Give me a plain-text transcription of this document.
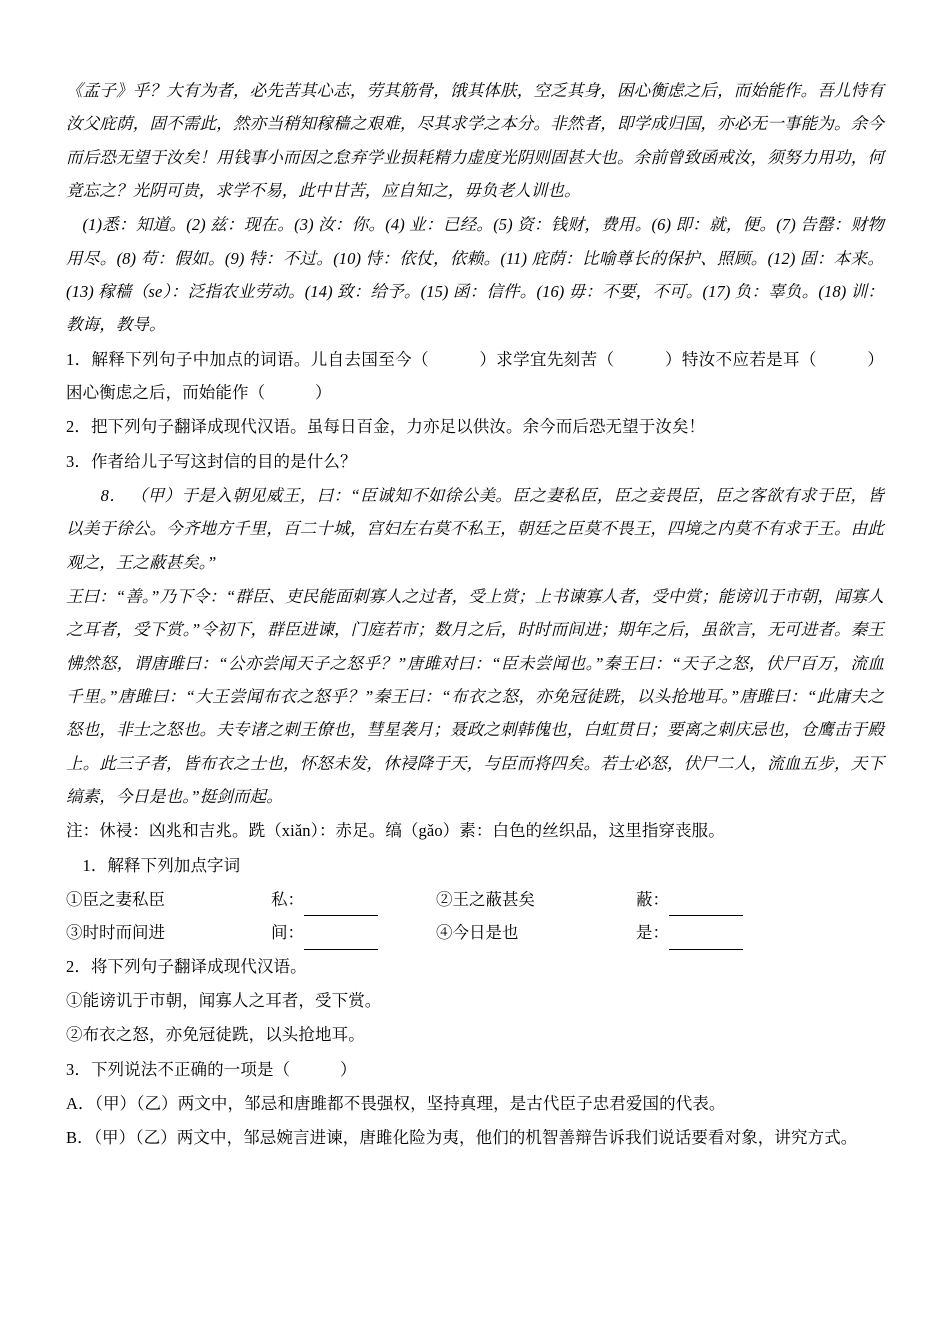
《孟子》乎？大有为者，必先苦其心志，劳其筋骨，饿其体肤，空乏其身，困心衡虑之后，而始能作。吾儿恃有汝父庇荫，固不需此，然亦当稍知稼穑之艰难，尽其求学之本分。非然者，即学成归国，亦必无一事能为。余今而后恐无望于汝矣！用钱事小而因之怠弃学业损耗精力虚度光阴则固甚大也。余前曾致函戒汝，须努力用功，何竟忘之？光阴可贵，求学不易，此中甘苦，应自知之，毋负老人训也。

(1)悉：知道。(2) 兹：现在。(3) 汝：你。(4) 业：已经。(5) 资：钱财，费用。(6) 即：就，便。(7) 告罄：财物用尽。(8) 苟：假如。(9) 特：不过。(10) 恃：依仗，依赖。(11) 庇荫：比喻尊长的保护、照顾。(12) 固：本来。(13) 稼穑（se）：泛指农业劳动。(14) 致：给予。(15) 函：信件。(16) 毋：不要，不可。(17) 负：辜负。(18) 训：教诲，教导。

1．解释下列句子中加点的词语。儿自去国至今（　　　）求学宜先刻苦（　　　）特汝不应若是耳（　　　）困心衡虑之后，而始能作（　　　）

2．把下列句子翻译成现代汉语。虽每日百金，力亦足以供汝。余今而后恐无望于汝矣！

3．作者给儿子写这封信的目的是什么？

8． （甲）于是入朝见威王，曰：“臣诚知不如徐公美。臣之妻私臣，臣之妾畏臣，臣之客欲有求于臣，皆以美于徐公。今齐地方千里，百二十城，宫妇左右莫不私王，朝廷之臣莫不畏王，四境之内莫不有求于王。由此观之，王之蔽甚矣。”

王曰：“善。”乃下令：“群臣、吏民能面刺寡人之过者，受上赏；上书谏寡人者，受中赏；能谤讥于市朝，闻寡人之耳者，受下赏。”令初下，群臣进谏，门庭若市；数月之后，时时而间进；期年之后，虽欲言，无可进者。秦王怫然怒，谓唐雎曰：“公亦尝闻天子之怒乎？”唐雎对曰：“臣未尝闻也。”秦王曰：“天子之怒，伏尸百万，流血千里。”唐雎曰：“大王尝闻布衣之怒乎？”秦王曰：“布衣之怒，亦免冠徒跣，以头抢地耳。”唐雎曰：“此庸夫之怒也，非士之怒也。夫专诸之刺王僚也，彗星袭月；聂政之刺韩傀也，白虹贯日；要离之刺庆忌也，仓鹰击于殿上。此三子者，皆布衣之士也，怀怒未发，休祲降于天，与臣而将四矣。若士必怒，伏尸二人，流血五步，天下缟素，今日是也。”挺剑而起。

注：休祲：凶兆和吉兆。跣（xiǎn）：赤足。缟（gǎo）素：白色的丝织品，这里指穿丧服。

1．解释下列加点字词

①臣之妻私臣	私：	②王之蔽甚矣	蔽：
③时时而间进	间：	④今日是也	是：

2．将下列句子翻译成现代汉语。

①能谤讥于市朝，闻寡人之耳者，受下赏。

②布衣之怒，亦免冠徒跣，以头抢地耳。

3．下列说法不正确的一项是（　　　）

A．（甲）（乙）两文中，邹忌和唐雎都不畏强权，坚持真理，是古代臣子忠君爱国的代表。

B．（甲）（乙）两文中，邹忌婉言进谏，唐雎化险为夷，他们的机智善辩告诉我们说话要看对象，讲究方式。
